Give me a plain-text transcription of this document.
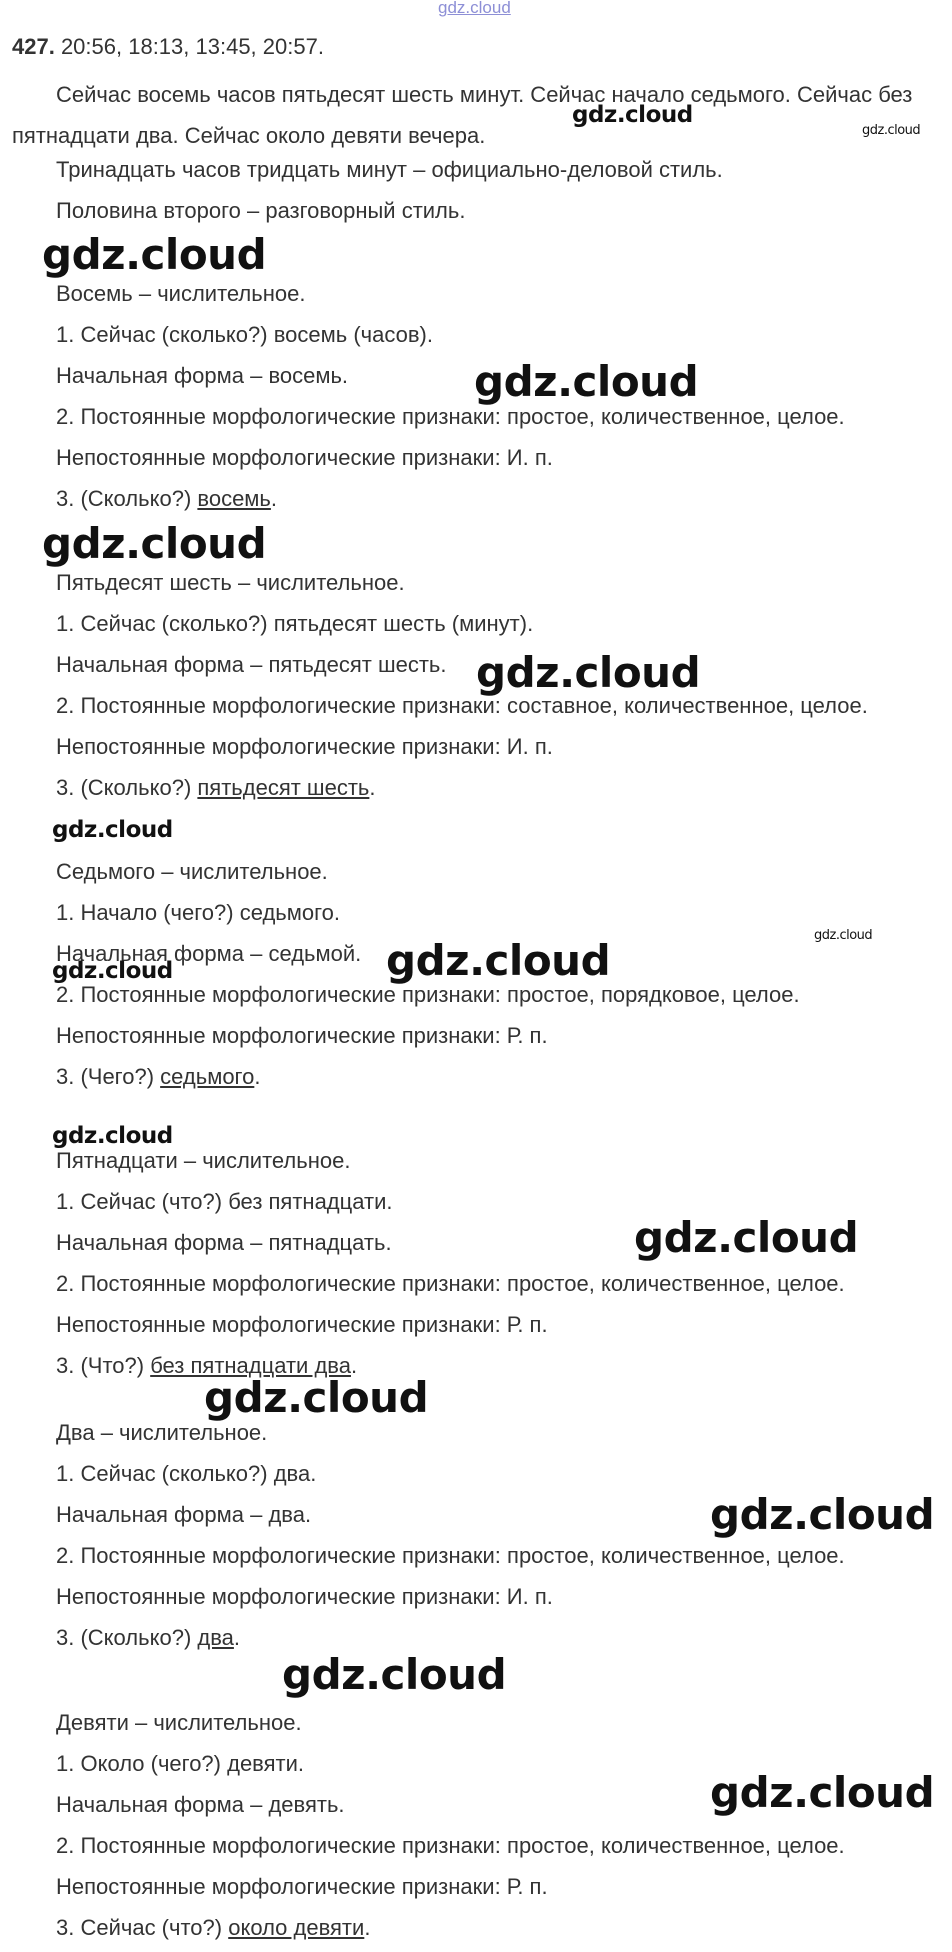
gdz.cloud
427. 20:56, 18:13, 13:45, 20:57.
Сейчас восемь часов пятьдесят шесть минут. Сейчас начало седьмого. Сейчас без пятнадцати два. Сейчас около девяти вечера.
Тринадцать часов тридцать минут – официально-деловой стиль.
Половина второго – разговорный стиль.
Восемь – числительное.
1. Сейчас (сколько?) восемь (часов).
Начальная форма – восемь.
2. Постоянные морфологические признаки: простое, количественное, целое.
Непостоянные морфологические признаки: И. п.
3. (Сколько?) восемь.
Пятьдесят шесть – числительное.
1. Сейчас (сколько?) пятьдесят шесть (минут).
Начальная форма – пятьдесят шесть.
2. Постоянные морфологические признаки: составное, количественное, целое.
Непостоянные морфологические признаки: И. п.
3. (Сколько?) пятьдесят шесть.
Седьмого – числительное.
1. Начало (чего?) седьмого.
Начальная форма – седьмой.
2. Постоянные морфологические признаки: простое, порядковое, целое.
Непостоянные морфологические признаки: Р. п.
3. (Чего?) седьмого.
Пятнадцати – числительное.
1. Сейчас (что?) без пятнадцати.
Начальная форма – пятнадцать.
2. Постоянные морфологические признаки: простое, количественное, целое.
Непостоянные морфологические признаки: Р. п.
3. (Что?) без пятнадцати два.
Два – числительное.
1. Сейчас (сколько?) два.
Начальная форма – два.
2. Постоянные морфологические признаки: простое, количественное, целое.
Непостоянные морфологические признаки: И. п.
3. (Сколько?) два.
Девяти – числительное.
1. Около (чего?) девяти.
Начальная форма – девять.
2. Постоянные морфологические признаки: простое, количественное, целое.
Непостоянные морфологические признаки: Р. п.
3. Сейчас (что?) около девяти.
gdz.cloud
gdz.cloud
gdz.cloud
gdz.cloud
gdz.cloud
gdz.cloud
gdz.cloud
gdz.cloud
gdz.cloud
gdz.cloud
gdz.cloud
gdz.cloud
gdz.cloud
gdz.cloud
gdz.cloud
gdz.cloud
